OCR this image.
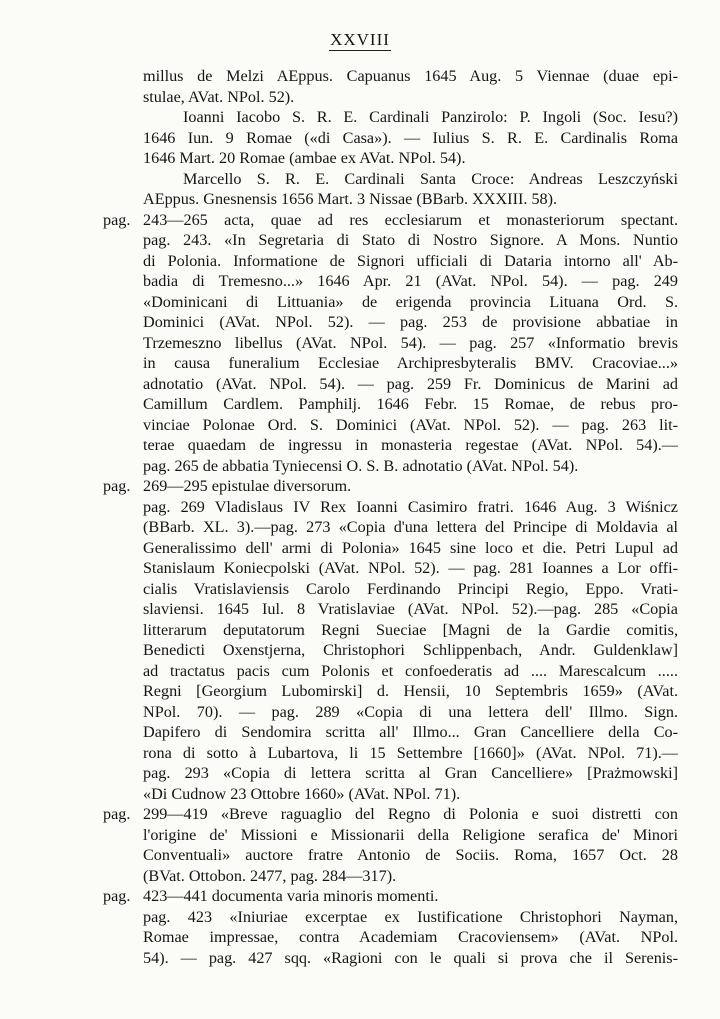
XXVIII
millus de Melzi AEppus. Capuanus 1645 Aug. 5 Viennae (duae epi-
stulae, AVat. NPol. 52).
Ioanni Iacobo S. R. E. Cardinali Panzirolo: P. Ingoli (Soc. Iesu?)
1646 Iun. 9 Romae («di Casa»). — Iulius S. R. E. Cardinalis Roma
1646 Mart. 20 Romae (ambae ex AVat. NPol. 54).
Marcello S. R. E. Cardinali Santa Croce: Andreas Leszczyński
AEppus. Gnesnensis 1656 Mart. 3 Nissae (BBarb. XXXIII. 58).
pag. 243—265 acta, quae ad res ecclesiarum et monasteriorum spectant.
pag. 243. «In Segretaria di Stato di Nostro Signore. A Mons. Nuntio
di Polonia. Informatione de Signori ufficiali di Dataria intorno all' Ab-
badia di Tremesno...» 1646 Apr. 21 (AVat. NPol. 54). — pag. 249
«Dominicani di Littuania» de erigenda provincia Lituana Ord. S.
Dominici (AVat. NPol. 52). — pag. 253 de provisione abbatiae in
Trzemeszno libellus (AVat. NPol. 54). — pag. 257 «Informatio brevis
in causa funeralium Ecclesiae Archipresbyteralis BMV. Cracoviae...»
adnotatio (AVat. NPol. 54). — pag. 259 Fr. Dominicus de Marini ad
Camillum Cardlem. Pamphilj. 1646 Febr. 15 Romae, de rebus pro-
vinciae Polonae Ord. S. Dominici (AVat. NPol. 52). — pag. 263 lit-
terae quaedam de ingressu in monasteria regestae (AVat. NPol. 54).—
pag. 265 de abbatia Tyniecensi O. S. B. adnotatio (AVat. NPol. 54).
pag. 269—295 epistulae diversorum.
pag. 269 Vladislaus IV Rex Ioanni Casimiro fratri. 1646 Aug. 3 Wiśnicz
(BBarb. XL. 3).—pag. 273 «Copia d'una lettera del Principe di Moldavia al
Generalissimo dell' armi di Polonia» 1645 sine loco et die. Petri Lupul ad
Stanislaum Koniecpolski (AVat. NPol. 52). — pag. 281 Ioannes a Lor offi-
cialis Vratislaviensis Carolo Ferdinando Principi Regio, Eppo. Vrati-
slaviensi. 1645 Iul. 8 Vratislaviae (AVat. NPol. 52).—pag. 285 «Copia
litterarum deputatorum Regni Sueciae [Magni de la Gardie comitis,
Benedicti Oxenstjerna, Christophori Schlippenbach, Andr. Guldenklaw]
ad tractatus pacis cum Polonis et confoederatis ad .... Marescalcum .....
Regni [Georgium Lubomirski] d. Hensii, 10 Septembris 1659» (AVat.
NPol. 70). — pag. 289 «Copia di una lettera dell' Illmo. Sign.
Dapifero di Sendomira scritta all' Illmo... Gran Cancelliere della Co-
rona di sotto à Lubartova, li 15 Settembre [1660]» (AVat. NPol. 71).—
pag. 293 «Copia di lettera scritta al Gran Cancelliere» [Prażmowski]
«Di Cudnow 23 Ottobre 1660» (AVat. NPol. 71).
pag. 299—419 «Breve raguaglio del Regno di Polonia e suoi distretti con
l'origine de' Missioni e Missionarii della Religione serafica de' Minori
Conventuali» auctore fratre Antonio de Sociis. Roma, 1657 Oct. 28
(BVat. Ottobon. 2477, pag. 284—317).
pag. 423—441 documenta varia minoris momenti.
pag. 423 «Iniuriae excerptae ex Iustificatione Christophori Nayman,
Romae impressae, contra Academiam Cracoviensem» (AVat. NPol.
54). — pag. 427 sqq. «Ragioni con le quali si prova che il Serenis-
